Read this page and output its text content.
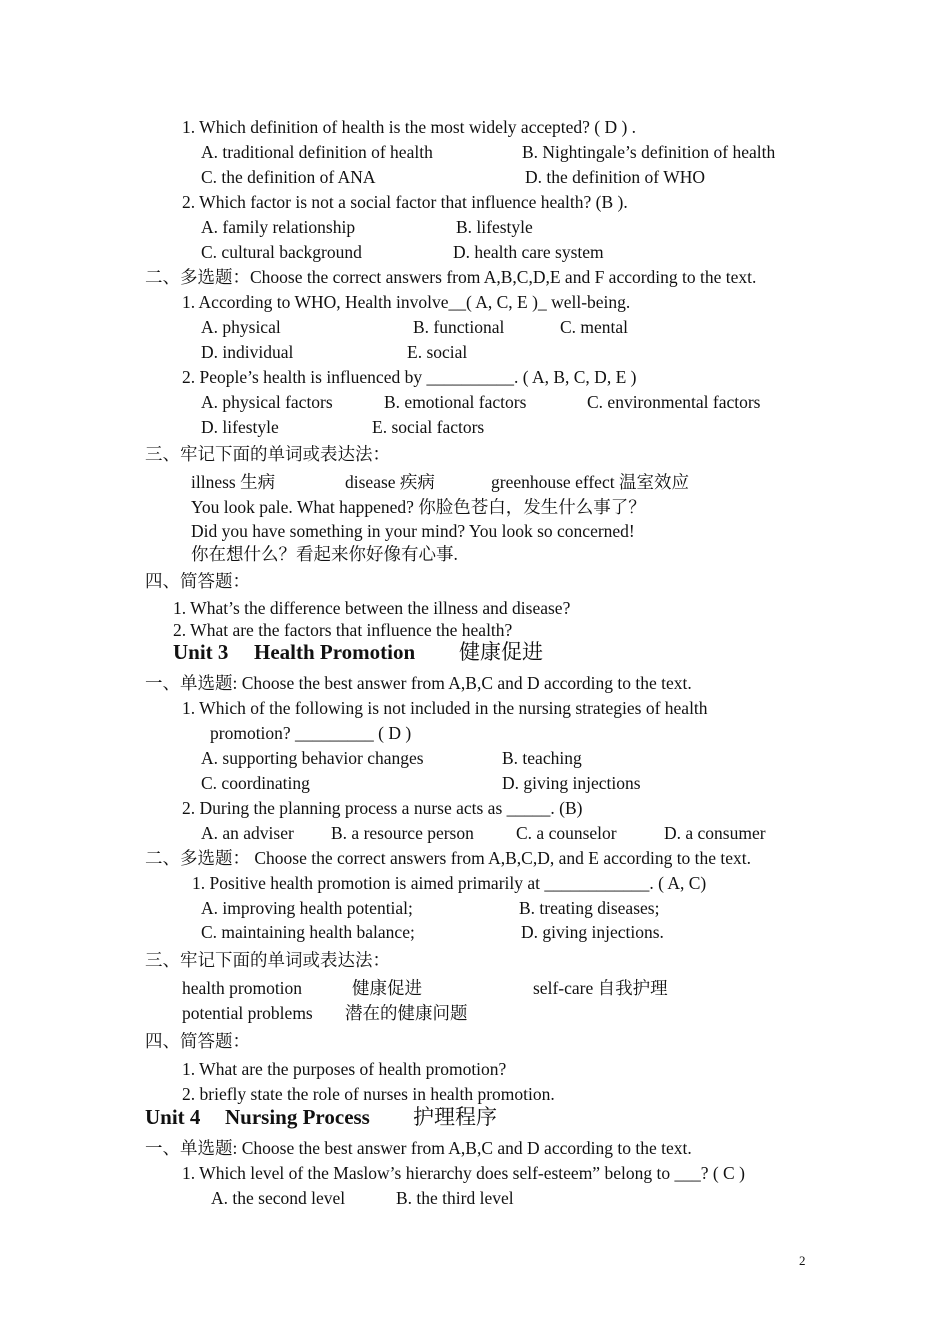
1. Which definition of health is the most widely accepted? ( D ) .
A. traditional definition of health	B. Nightingale’s definition of health
C. the definition of ANA	D. the definition of WHO
2. Which factor is not a social factor that influence health? (B ).
A. family relationship	B. lifestyle
C. cultural background	D. health care system
二、多选题：Choose the correct answers from A,B,C,D,E and F according to the text.
1. According to WHO, Health involve__( A, C, E )_ well-being.
A. physical	B. functional	C. mental
D. individual	E. social
2. People’s health is influenced by __________. ( A, B, C, D, E )
A. physical factors	B. emotional factors	C. environmental factors
D. lifestyle	E. social factors
三、牢记下面的单词或表达法：
illness 生病	disease 疾病	greenhouse effect 温室效应
You look pale. What happened? 你脸色苍白，发生什么事了？
Did you have something in your mind? You look so concerned!
你在想什么？看起来你好像有心事.
四、简答题：
1. What’s the difference between the illness and disease?
2. What are the factors that influence the health?
Unit 3 Health Promotion 健康促进
一、单选题: Choose the best answer from A,B,C and D according to the text.
1. Which of the following is not included in the nursing strategies of health
promotion? _________ ( D )
A. supporting behavior changes	B. teaching
C. coordinating	D. giving injections
2. During the planning process a nurse acts as _____. (B)
A. an adviser B. a resource person C. a counselor	D. a consumer
二、多选题： Choose the correct answers from A,B,C,D, and E according to the text.
1. Positive health promotion is aimed primarily at ____________. ( A, C)
A. improving health potential;	B. treating diseases;
C. maintaining health balance;	D. giving injections.
三、牢记下面的单词或表达法：
health promotion	健康促进	self-care 自我护理
potential problems 潜在的健康问题
四、简答题：
1. What are the purposes of health promotion?
2. briefly state the role of nurses in health promotion.
Unit 4 Nursing Process 护理程序
一、单选题: Choose the best answer from A,B,C and D according to the text.
1. Which level of the Maslow’s hierarchy does self-esteem” belong to ___? ( C )
A. the second level	B. the third level
2
